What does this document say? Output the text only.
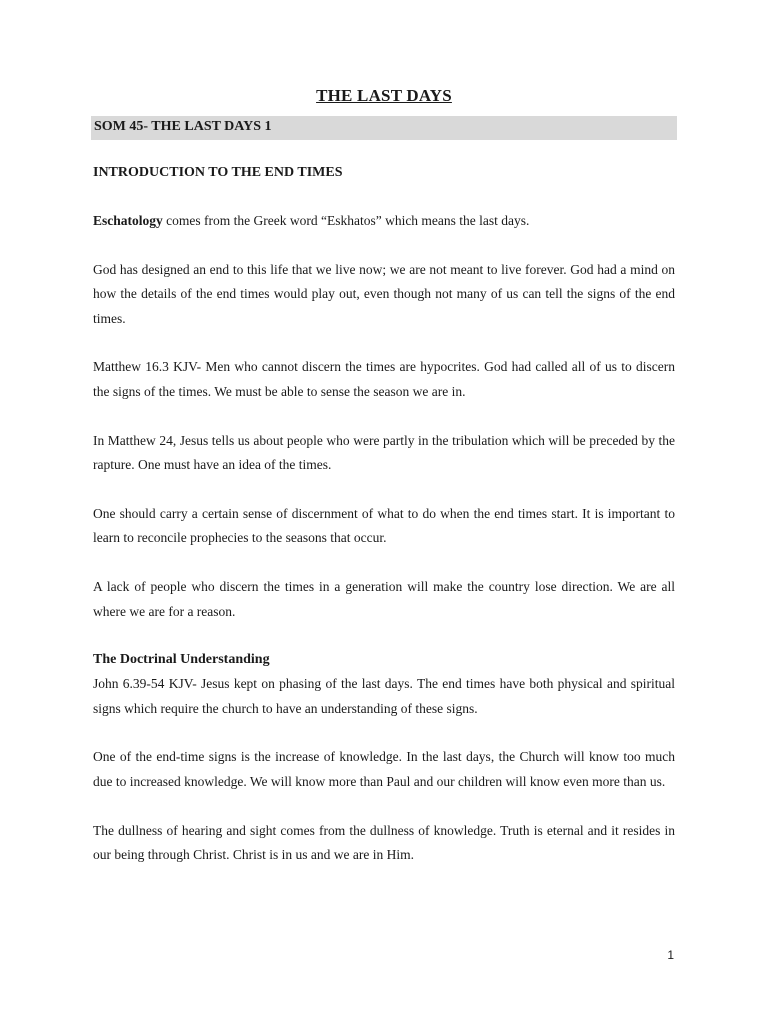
THE LAST DAYS
SOM 45- THE LAST DAYS 1
INTRODUCTION TO THE END TIMES

Eschatology comes from the Greek word “Eskhatos” which means the last days.

God has designed an end to this life that we live now; we are not meant to live forever. God had a mind on how the details of the end times would play out, even though not many of us can tell the signs of the end times.

Matthew 16.3 KJV- Men who cannot discern the times are hypocrites. God had called all of us to discern the signs of the times. We must be able to sense the season we are in.

In Matthew 24, Jesus tells us about people who were partly in the tribulation which will be preceded by the rapture. One must have an idea of the times.

One should carry a certain sense of discernment of what to do when the end times start. It is important to learn to reconcile prophecies to the seasons that occur.

A lack of people who discern the times in a generation will make the country lose direction. We are all where we are for a reason.

The Doctrinal Understanding

John 6.39-54 KJV- Jesus kept on phasing of the last days. The end times have both physical and spiritual signs which require the church to have an understanding of these signs.

One of the end-time signs is the increase of knowledge. In the last days, the Church will know too much due to increased knowledge. We will know more than Paul and our children will know even more than us.

The dullness of hearing and sight comes from the dullness of knowledge. Truth is eternal and it resides in our being through Christ. Christ is in us and we are in Him.

1
